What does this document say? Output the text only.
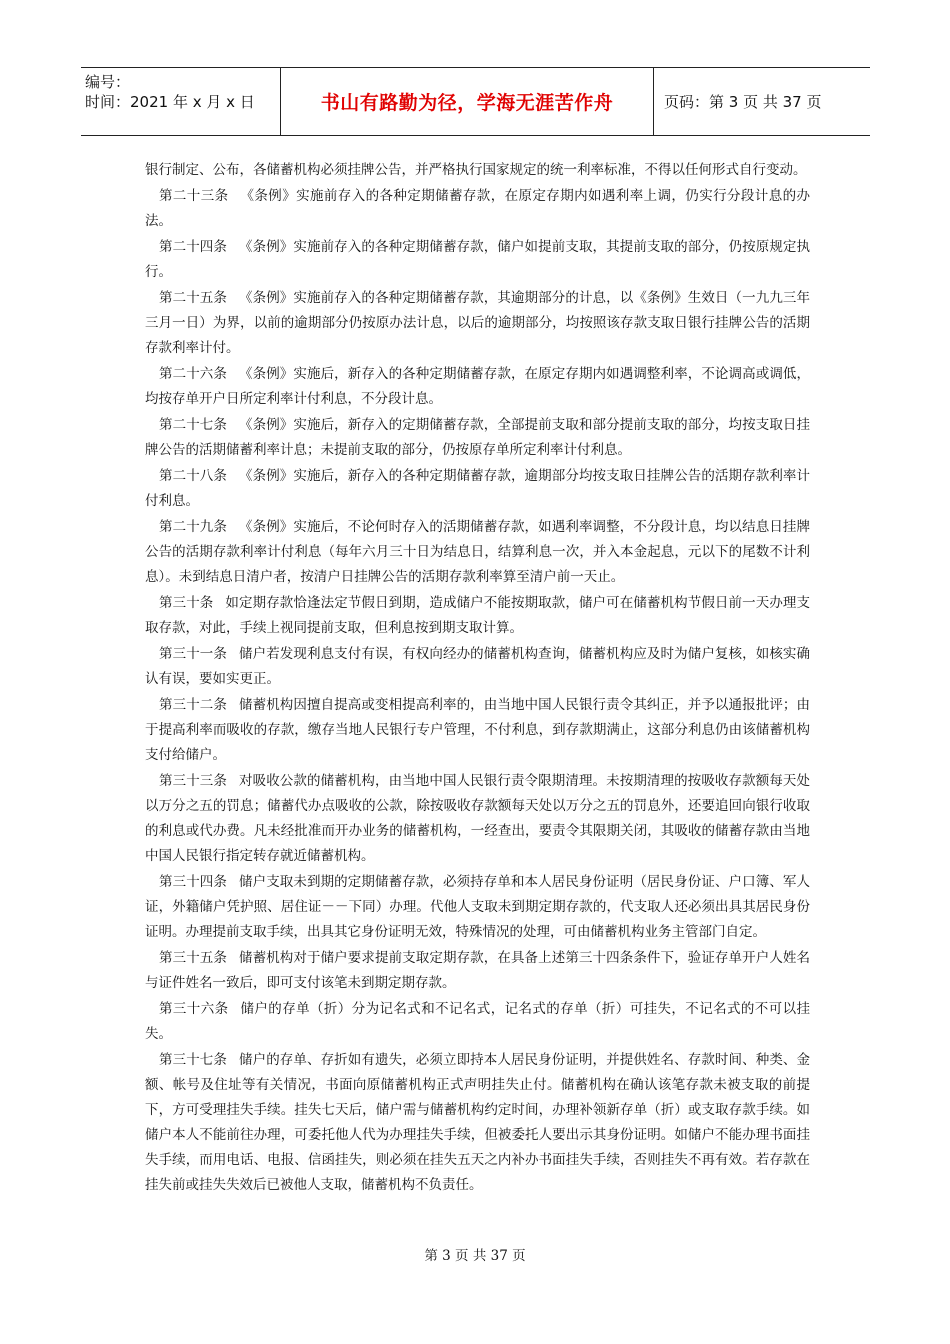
编号：
时间：2021 年 x 月 x 日	书山有路勤为径，学海无涯苦作舟	页码：第 3 页 共 37 页

银行制定、公布，各储蓄机构必须挂牌公告，并严格执行国家规定的统一利率标准，不得以任何形式自行变动。

第二十三条 《条例》实施前存入的各种定期储蓄存款，在原定存期内如遇利率上调，仍实行分段计息的办法。

第二十四条 《条例》实施前存入的各种定期储蓄存款，储户如提前支取，其提前支取的部分，仍按原规定执行。

第二十五条 《条例》实施前存入的各种定期储蓄存款，其逾期部分的计息，以《条例》生效日（一九九三年三月一日）为界，以前的逾期部分仍按原办法计息，以后的逾期部分，均按照该存款支取日银行挂牌公告的活期存款利率计付。

第二十六条 《条例》实施后，新存入的各种定期储蓄存款，在原定存期内如遇调整利率，不论调高或调低，均按存单开户日所定利率计付利息，不分段计息。

第二十七条 《条例》实施后，新存入的定期储蓄存款，全部提前支取和部分提前支取的部分，均按支取日挂牌公告的活期储蓄利率计息；未提前支取的部分，仍按原存单所定利率计付利息。

第二十八条 《条例》实施后，新存入的各种定期储蓄存款，逾期部分均按支取日挂牌公告的活期存款利率计付利息。

第二十九条 《条例》实施后，不论何时存入的活期储蓄存款，如遇利率调整，不分段计息，均以结息日挂牌公告的活期存款利率计付利息（每年六月三十日为结息日，结算利息一次，并入本金起息，元以下的尾数不计利息）。未到结息日清户者，按清户日挂牌公告的活期存款利率算至清户前一天止。

第三十条 如定期存款恰逢法定节假日到期，造成储户不能按期取款，储户可在储蓄机构节假日前一天办理支取存款，对此，手续上视同提前支取，但利息按到期支取计算。

第三十一条 储户若发现利息支付有误，有权向经办的储蓄机构查询，储蓄机构应及时为储户复核，如核实确认有误，要如实更正。

第三十二条 储蓄机构因擅自提高或变相提高利率的，由当地中国人民银行责令其纠正，并予以通报批评；由于提高利率而吸收的存款，缴存当地人民银行专户管理，不付利息，到存款期满止，这部分利息仍由该储蓄机构支付给储户。

第三十三条 对吸收公款的储蓄机构，由当地中国人民银行责令限期清理。未按期清理的按吸收存款额每天处以万分之五的罚息；储蓄代办点吸收的公款，除按吸收存款额每天处以万分之五的罚息外，还要追回向银行收取的利息或代办费。凡未经批准而开办业务的储蓄机构，一经查出，要责令其限期关闭，其吸收的储蓄存款由当地中国人民银行指定转存就近储蓄机构。

第三十四条 储户支取未到期的定期储蓄存款，必须持存单和本人居民身份证明（居民身份证、户口簿、军人证，外籍储户凭护照、居住证－－下同）办理。代他人支取未到期定期存款的，代支取人还必须出具其居民身份证明。办理提前支取手续，出具其它身份证明无效，特殊情况的处理，可由储蓄机构业务主管部门自定。

第三十五条 储蓄机构对于储户要求提前支取定期存款，在具备上述第三十四条条件下，验证存单开户人姓名与证件姓名一致后，即可支付该笔未到期定期存款。

第三十六条 储户的存单（折）分为记名式和不记名式，记名式的存单（折）可挂失，不记名式的不可以挂失。

第三十七条 储户的存单、存折如有遗失，必须立即持本人居民身份证明，并提供姓名、存款时间、种类、金额、帐号及住址等有关情况，书面向原储蓄机构正式声明挂失止付。储蓄机构在确认该笔存款未被支取的前提下，方可受理挂失手续。挂失七天后，储户需与储蓄机构约定时间，办理补领新存单（折）或支取存款手续。如储户本人不能前往办理，可委托他人代为办理挂失手续，但被委托人要出示其身份证明。如储户不能办理书面挂失手续，而用电话、电报、信函挂失，则必须在挂失五天之内补办书面挂失手续，否则挂失不再有效。若存款在挂失前或挂失失效后已被他人支取，储蓄机构不负责任。

第 3 页 共 37 页
